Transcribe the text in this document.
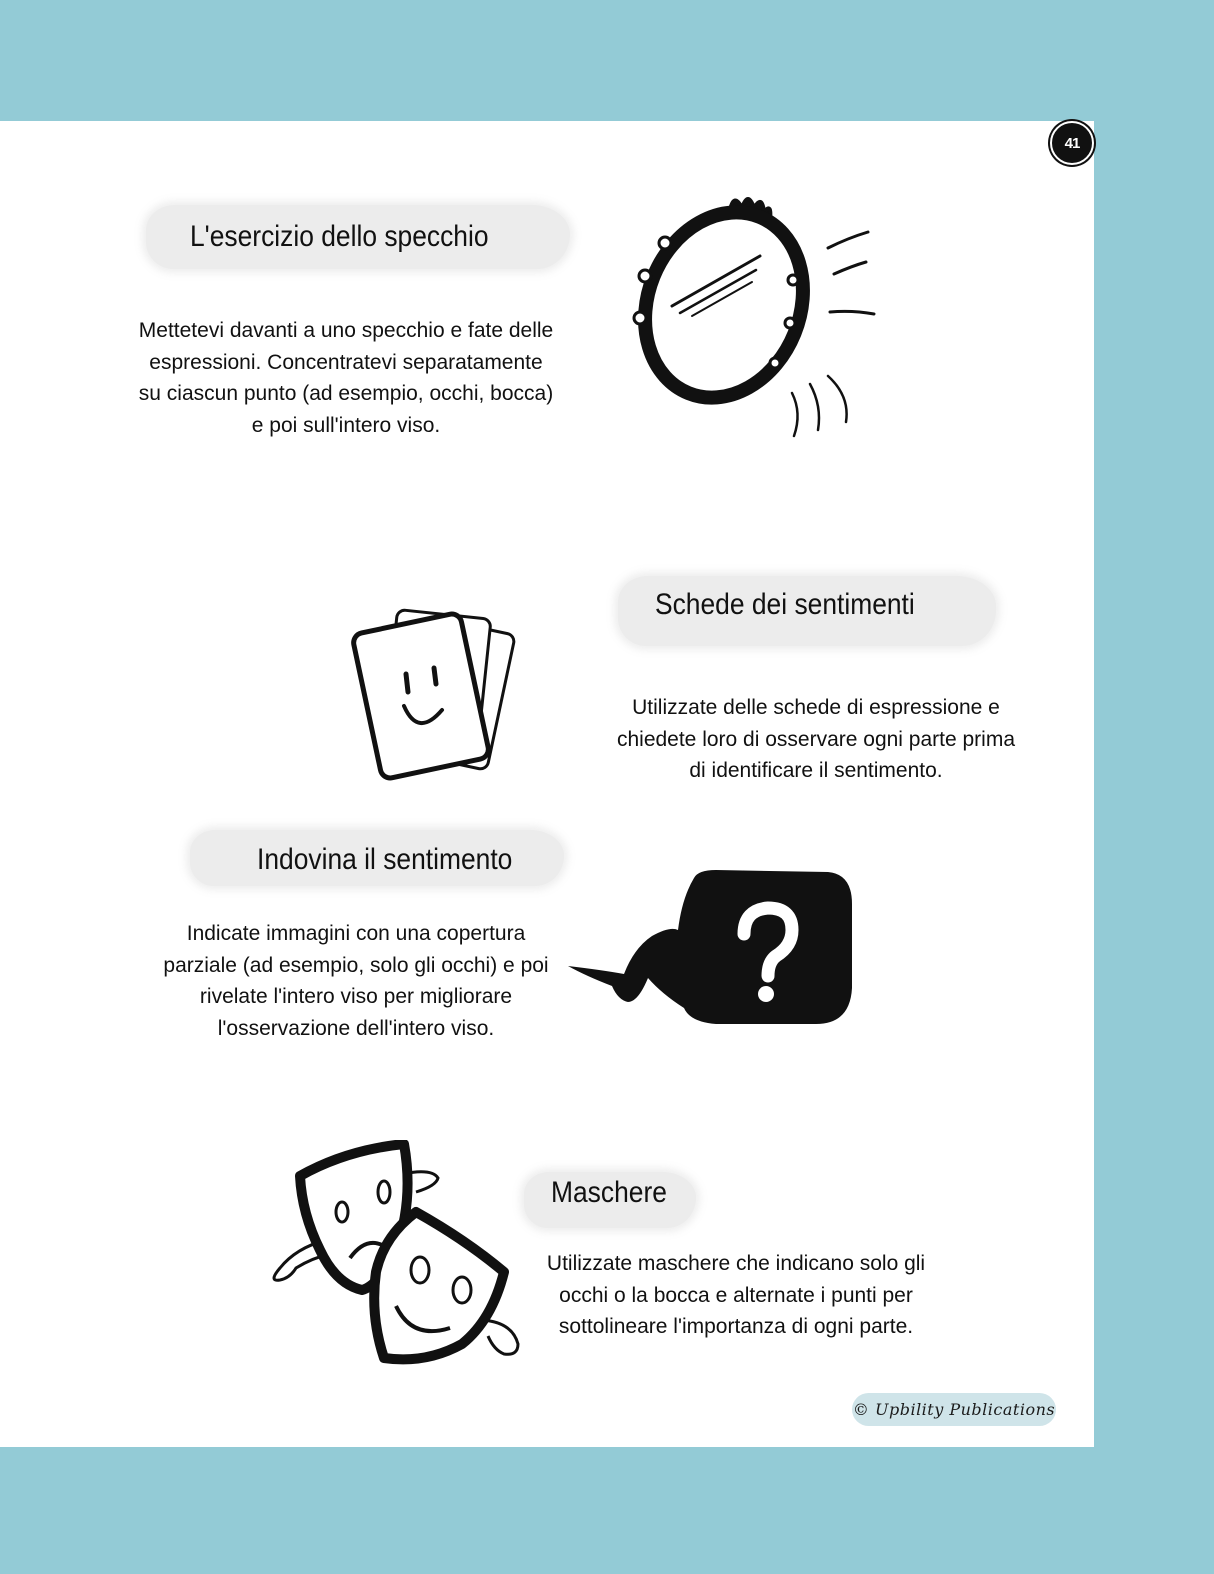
41
L'esercizio dello specchio
Mettetevi davanti a uno specchio e fate delle
espressioni. Concentratevi separatamente
su ciascun punto (ad esempio, occhi, bocca)
e poi sull'intero viso.
Schede dei sentimenti
Utilizzate delle schede di espressione e
chiedete loro di osservare ogni parte prima
di identificare il sentimento.
Indovina il sentimento
Indicate immagini con una copertura
parziale (ad esempio, solo gli occhi) e poi
rivelate l'intero viso per migliorare
l'osservazione dell'intero viso.
Maschere
Utilizzate maschere che indicano solo gli
occhi o la bocca e alternate i punti per
sottolineare l'importanza di ogni parte.
© Upbility Publications
